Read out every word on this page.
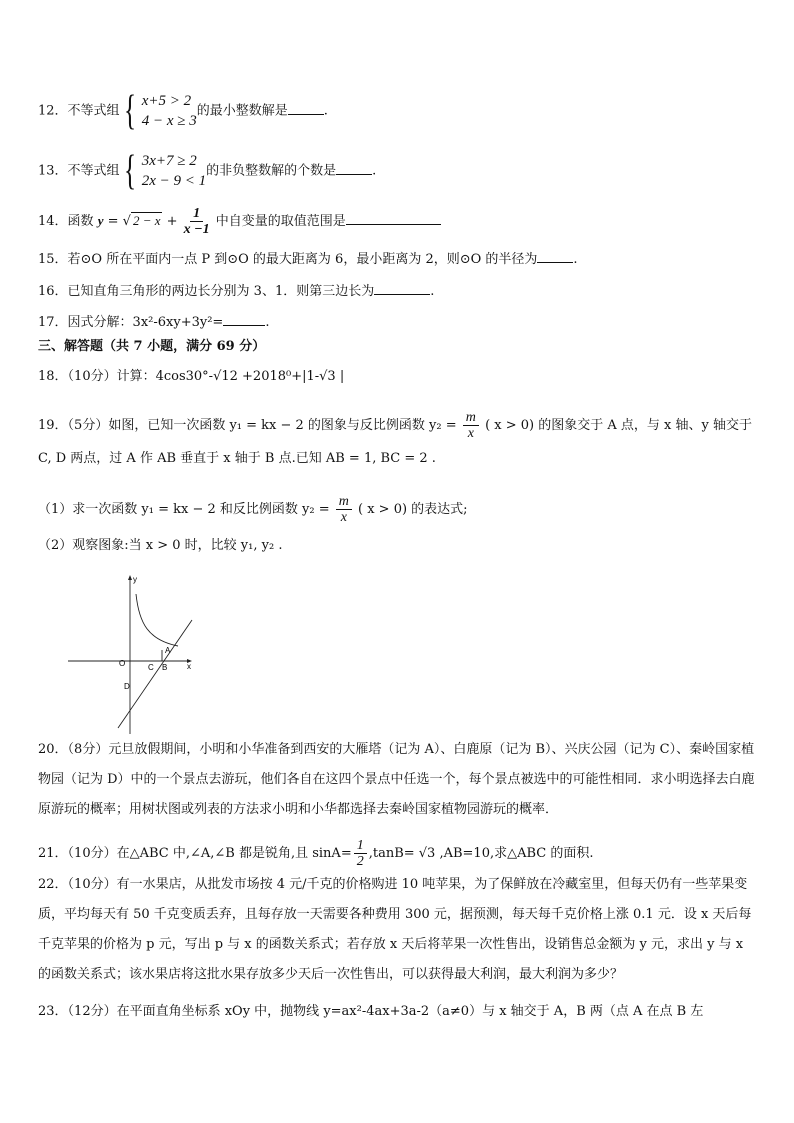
12．不等式组 { x+5 > 2
4 − x ≥ 3
的最小整数解是	.
13．不等式组 { 3x+7 ≥ 2
2x − 9 < 1
的非负整数解的个数是	.
14．函数 y = √ $2 - x + \frac{1}{x -1}$ 中自变量的取值范围是
15．若⊙O 所在平面内一点 P 到⊙O 的最大距离为 6，最小距离为 2，则⊙O 的半径为	.
16．已知直角三角形的两边长分别为 3、1．则第三边长为	.
17．因式分解：3x²-6xy+3y²=	.
三、解答题（共 7 小题，满分 69 分）
18．（10分）计算：4cos30°-√12 +2018⁰+|1-√3 |
19．（5分）如图，已知一次函数 y₁ = kx − 2 的图象与反比例函数 $y_2 = \frac{m}{x}$ ( x > 0) 的图象交于 A 点，与 x 轴、y 轴交于
C, D 两点，过 A 作 AB 垂直于 x 轴于 B 点.已知 AB = 1, BC = 2 .
（1）求一次函数 y₁ = kx − 2 和反比例函数 $y_2 = \frac{m}{x}$ ( x > 0) 的表达式;
（2）观察图象:当 x > 0 时，比较 y₁, y₂ .
y
x
O	C B
A
D
20．（8分）元旦放假期间，小明和小华准备到西安的大雁塔（记为 A）、白鹿原（记为 B）、兴庆公园（记为 C）、秦岭国家植物园（记为 D）中的一个景点去游玩，他们各自在这四个景点中任选一个，每个景点被选中的可能性相同．求小明选择去白鹿原游玩的概率；用树状图或列表的方法求小明和小华都选择去秦岭国家植物园游玩的概率．
21．（10分）在△ABC 中,∠A,∠B 都是锐角,且 $\sin A= \frac{1}{2} ,\tan B= √3$ ,AB=10,求△ABC 的面积.
22．（10分）有一水果店，从批发市场按 4 元/千克的价格购进 10 吨苹果，为了保鲜放在冷藏室里，但每天仍有一些苹果变质，平均每天有 50 千克变质丢弃，且每存放一天需要各种费用 300 元，据预测，每天每千克价格上涨 0.1 元．设 x 天后每千克苹果的价格为 p 元，写出 p 与 x 的函数关系式；若存放 x 天后将苹果一次性售出，设销售总金额为 y 元，求出 y 与 x 的函数关系式；该水果店将这批水果存放多少天后一次性售出，可以获得最大利润，最大利润为多少？
23．（12分）在平面直角坐标系 xOy 中，抛物线 y=ax²-4ax+3a-2（a≠0）与 x 轴交于 A，B 两（点 A 在点 B 左
